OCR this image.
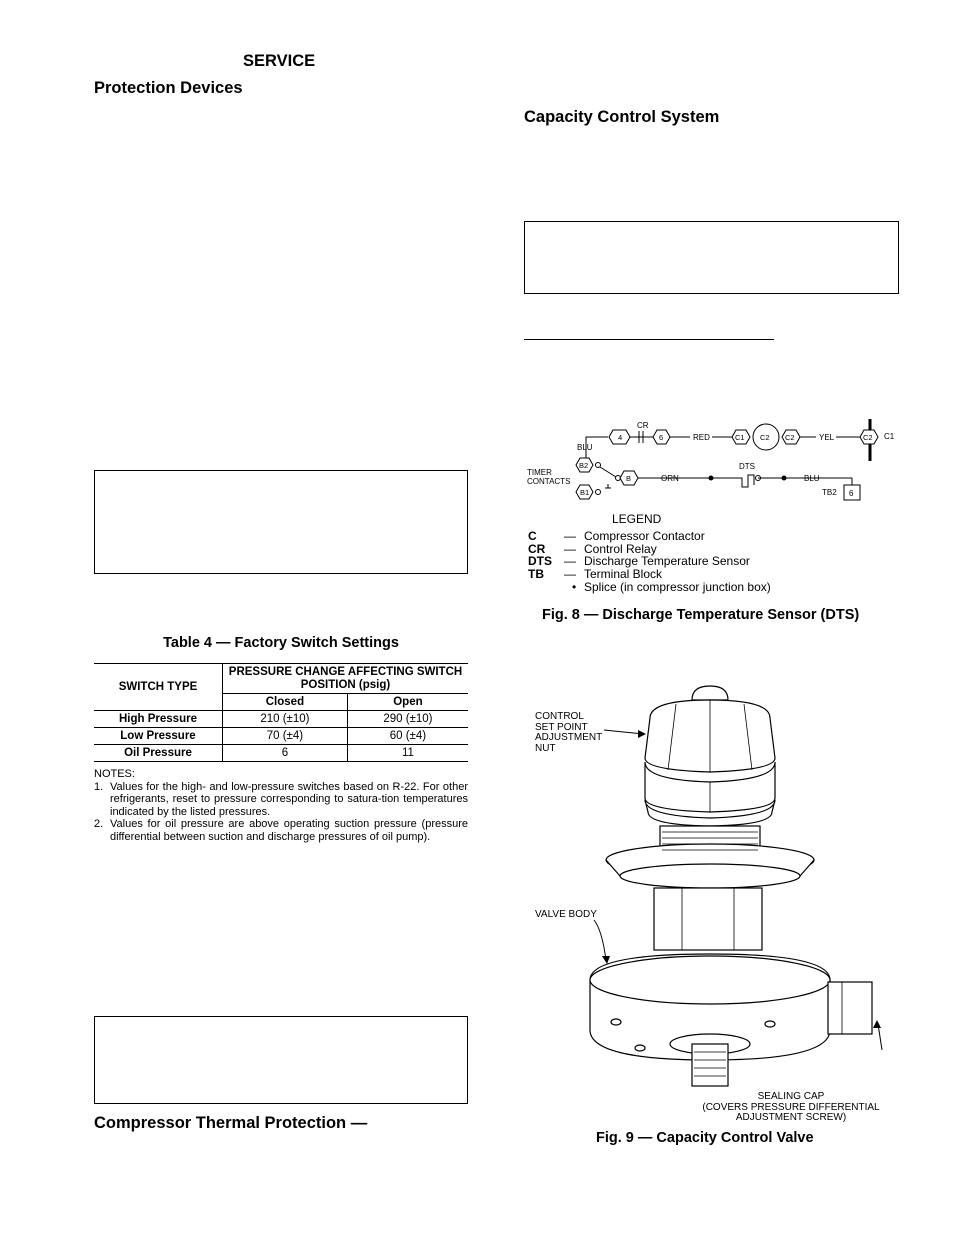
SERVICE
Protection Devices
Table 4 — Factory Switch Settings
SWITCH TYPE	PRESSURE CHANGE AFFECTING SWITCH POSITION (psig)	
	Closed	Open
High Pressure	210 (±10)	290 (±10)
Low Pressure	70 (±4)	60 (±4)
Oil Pressure	6	11
NOTES:
1. Values for the high- and low-pressure switches based on R-22. For other refrigerants, reset to pressure corresponding to satura-tion temperatures indicated by the listed pressures.
2. Values for oil pressure are above operating suction pressure (pressure differential between suction and discharge pressures of oil pump).
Compressor Thermal Protection —
Capacity Control System
CR
BLU
TIMER
CONTACTS
B2
B1
B
4	6	RED	C1 C2 C2	YEL	C2 C1
ORN
DTS
BLU
TB2 6
LEGEND
C	— Compressor Contactor
CR	— Control Relay
DTS	— Discharge Temperature Sensor
TB	— Terminal Block
• Splice (in compressor junction box)
Fig. 8 — Discharge Temperature Sensor (DTS)
CONTROL
SET POINT
ADJUSTMENT
NUT
VALVE BODY
SEALING CAP
(COVERS PRESSURE DIFFERENTIAL
ADJUSTMENT SCREW)
Fig. 9 — Capacity Control Valve
